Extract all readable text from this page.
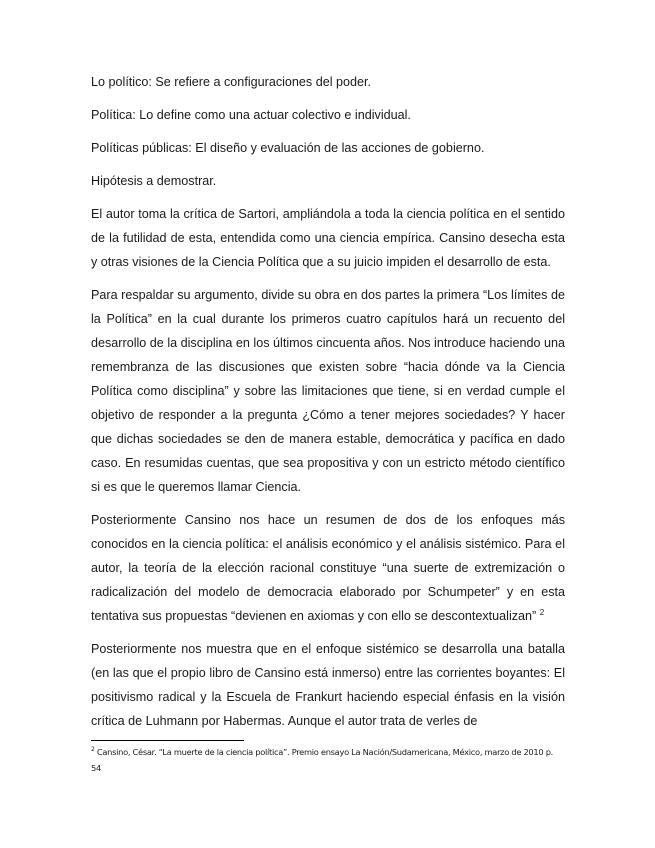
Lo político: Se refiere a configuraciones del poder.

Política: Lo define como una actuar colectivo e individual.

Políticas públicas: El diseño y evaluación de las acciones de gobierno.

Hipótesis a demostrar.

El autor toma la crítica de Sartori, ampliándola a toda la ciencia política en el sentido de la futilidad de esta, entendida como una ciencia empírica. Cansino desecha esta y otras visiones de la Ciencia Política que a su juicio impiden el desarrollo de esta.

Para respaldar su argumento, divide su obra en dos partes la primera “Los límites de la Política” en la cual durante los primeros cuatro capítulos hará un recuento del desarrollo de la disciplina en los últimos cincuenta años. Nos introduce haciendo una remembranza de las discusiones que existen sobre “hacia dónde va la Ciencia Política como disciplina” y sobre las limitaciones que tiene, si en verdad cumple el objetivo de responder a la pregunta ¿Cómo a tener mejores sociedades? Y hacer que dichas sociedades se den de manera estable, democrática y pacífica en dado caso. En resumidas cuentas, que sea propositiva y con un estricto método científico si es que le queremos llamar Ciencia.

Posteriormente Cansino nos hace un resumen de dos de los enfoques más conocidos en la ciencia política: el análisis económico y el análisis sistémico. Para el autor, la teoría de la elección racional constituye “una suerte de extremización o radicalización del modelo de democracia elaborado por Schumpeter” y en esta tentativa sus propuestas “devienen en axiomas y con ello se descontextualizan” $^2$

Posteriormente nos muestra que en el enfoque sistémico se desarrolla una batalla (en las que el propio libro de Cansino está inmerso) entre las corrientes boyantes: El positivismo radical y la Escuela de Frankurt haciendo especial énfasis en la visión crítica de Luhmann por Habermas. Aunque el autor trata de verles de

$^2$ Cansino, César. “La muerte de la ciencia política”. Premio ensayo La Nación/Sudamericana, México, marzo de 2010 p. 54
